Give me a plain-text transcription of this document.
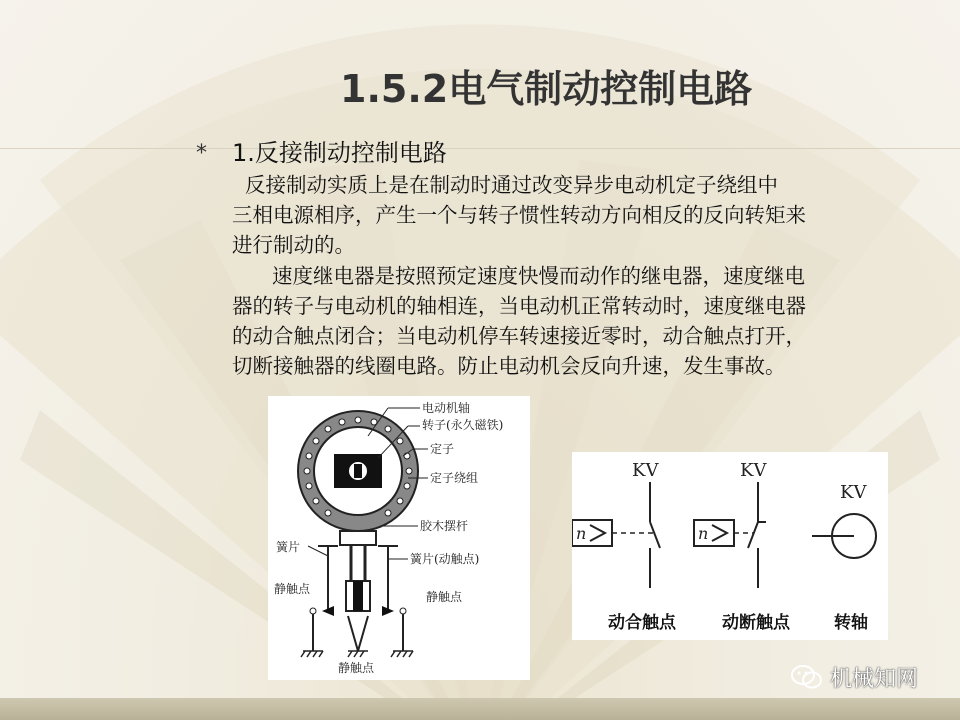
1.5.2电气制动控制电路
* 1.反接制动控制电路
反接制动实质上是在制动时通过改变异步电动机定子绕组中
三相电源相序，产生一个与转子惯性转动方向相反的反向转矩来
进行制动的。
速度继电器是按照预定速度快慢而动作的继电器，速度继电
器的转子与电动机的轴相连，当电动机正常转动时，速度继电器
的动合触点闭合；当电动机停车转速接近零时，动合触点打开，
切断接触器的线圈电路。防止电动机会反向升速，发生事故。
电动机轴
转子(永久磁铁)
定子
定子绕组
胶木摆杆
簧片
簧片(动触点)
静触点
静触点
静触点
KV
n
KV
n
KV
动合触点	动断触点	转轴
机械知网
